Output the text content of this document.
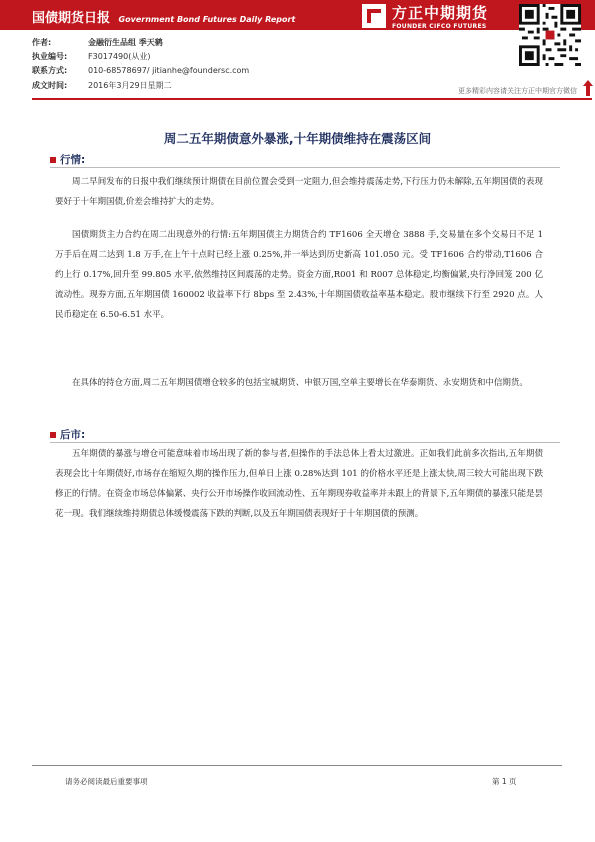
国债期货日报 Government Bond Futures Daily Report	方正中期期货
FOUNDER CIFCO FUTURES
作者:	金融衍生品组 季天鹤
执业编号:	F3017490(从业)
联系方式:	010-68578697/ jitianhe@foundersc.com
成文时间:	2016年3月29日星期二
更多精彩内容请关注方正中期官方微信
周二五年期债意外暴涨,十年期债维持在震荡区间
行情:
周二早间发布的日报中我们继续预计期债在目前位置会受到一定阻力,但会维持震荡走势,下行压力仍未解除,五年期国债的表现要好于十年期国债,价差会维持扩大的走势。
国债期货主力合约在周二出现意外的行情:五年期国债主力期货合约 TF1606 全天增仓 3888 手,交易量在多个交易日不足 1 万手后在周二达到 1.8 万手,在上午十点时已经上涨 0.25%,并一举达到历史新高 101.050 元。受 TF1606 合约带动,T1606 合约上行 0.17%,回升至 99.805 水平,依然维持区间震荡的走势。资金方面,R001 和 R007 总体稳定,均衡偏紧,央行净回笼 200 亿流动性。现券方面,五年期国债 160002 收益率下行 8bps 至 2.43%,十年期国债收益率基本稳定。股市继续下行至 2920 点。人民币稳定在 6.50-6.51 水平。
在具体的持仓方面,周二五年期国债增仓较多的包括宝城期货、申银万国,空单主要增长在华泰期货、永安期货和中信期货。
后市:
五年期债的暴涨与增仓可能意味着市场出现了新的参与者,但操作的手法总体上看太过激进。正如我们此前多次指出,五年期债表现会比十年期债好,市场存在缩短久期的操作压力,但单日上涨 0.28%达到 101 的价格水平还是上涨太快,周三较大可能出现下跌修正的行情。在资金市场总体偏紧、央行公开市场操作收回流动性、五年期现券收益率并未跟上的背景下,五年期债的暴涨只能是昙花一现。我们继续维持期债总体缓慢震荡下跌的判断,以及五年期国债表现好于十年期国债的预测。
请务必阅读最后重要事项	第 1 页
